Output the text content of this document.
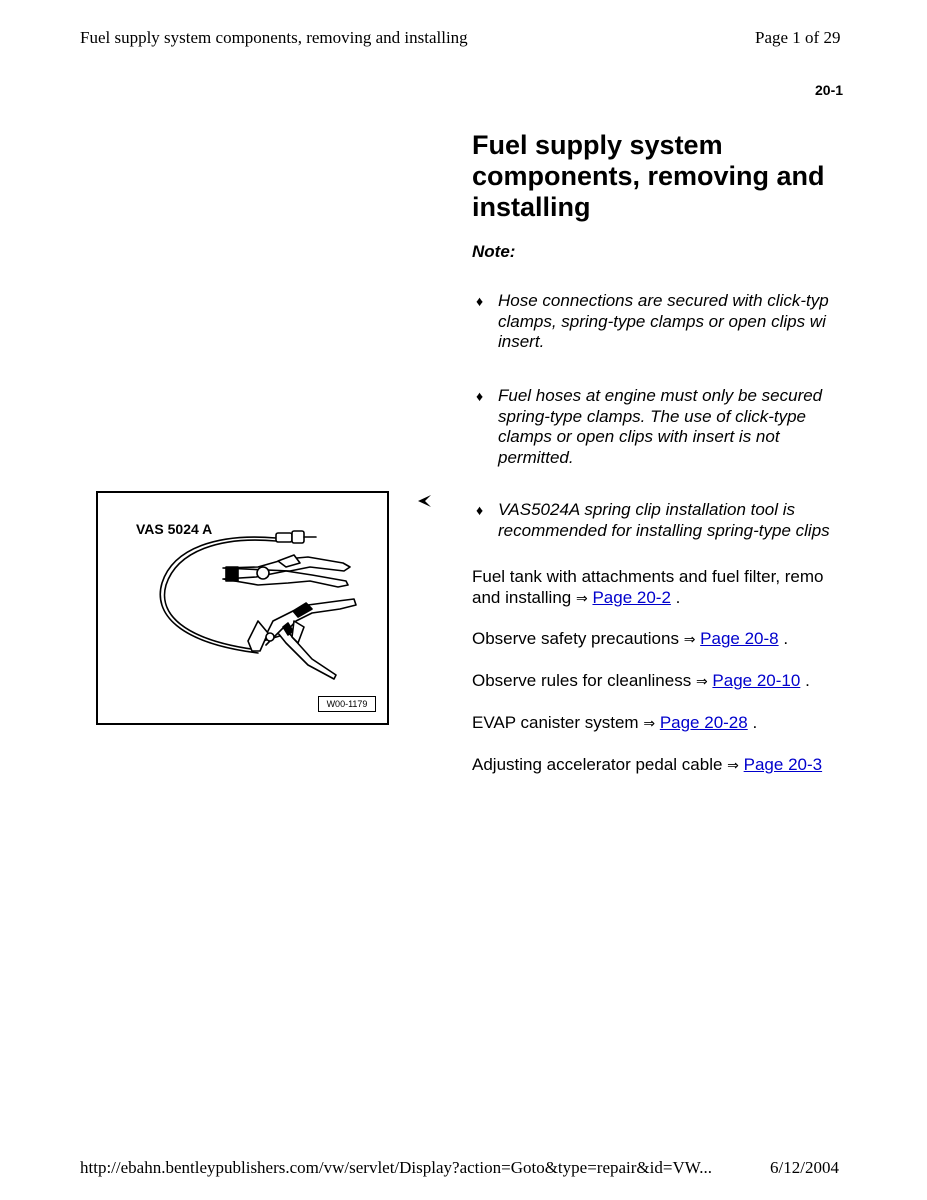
Fuel supply system components, removing and installing	Page 1 of 29
20-1
Fuel supply system components, removing and installing
Note:
♦ Hose connections are secured with click-typ
clamps, spring-type clamps or open clips wi
insert.
♦ Fuel hoses at engine must only be secured
spring-type clamps. The use of click-type
clamps or open clips with insert is not
permitted.
♦ VAS5024A spring clip installation tool is
recommended for installing spring-type clips
Fuel tank with attachments and fuel filter, remo
and installing ⇒ Page 20-2 .
Observe safety precautions ⇒ Page 20-8 .
Observe rules for cleanliness ⇒ Page 20-10 .
EVAP canister system ⇒ Page 20-28 .
Adjusting accelerator pedal cable ⇒ Page 20-3
VAS 5024 A
W00-1179
http://ebahn.bentleypublishers.com/vw/servlet/Display?action=Goto&type=repair&id=VW...	6/12/2004
